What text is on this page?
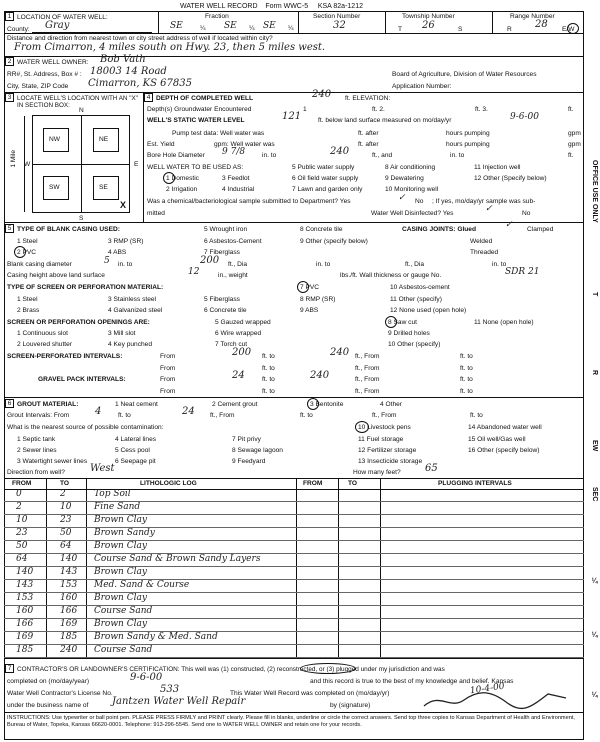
WATER WELL RECORD Form WWC-5 KSA 82a-1212
1 LOCATION OF WATER WELL:	Fraction	Section Number	Township Number	Range Number
County: Gray	SE	¼ SE ¼ SE ¼	32	T 26	S	R 28 E/W
Distance and direction from nearest town or city street address of well if located within city?
From Cimarron, 4 miles south on Hwy. 23, then 5 miles west.
2 WATER WELL OWNER: Bob Vath
RR#, St. Address, Box # : 18003 14 Road	Board of Agriculture, Division of Water Resources
City, State, ZIP Code Cimarron, KS 67835	Application Number:
3 LOCATE WELL'S LOCATION WITH AN "X" IN SECTION BOX:
N
S
W	E
NW	NE
SW	SE
X
1 Mile
4 DEPTH OF COMPLETED WELL	240 ft. ELEVATION:
Depth(s) Groundwater Encountered	1	ft. 2.	ft. 3.	ft.
WELL'S STATIC WATER LEVEL	121	ft. below land surface measured on mo/day/yr	9-6-00
Pump test data: Well water was	ft. after	hours pumping	gpm
Est. Yield	gpm: Well water was	ft. after	hours pumping	gpm
Bore Hole Diameter 9 7/8	in. to	240	ft., and	in. to	ft.
WELL WATER TO BE USED AS:	5 Public water supply	8 Air conditioning	11 Injection well
1 Domestic	3 Feedlot	6 Oil field water supply	9 Dewatering	12 Other (Specify below)
2 Irrigation	4 Industrial	7 Lawn and garden only	10 Monitoring well
Was a chemical/bacteriological sample submitted to Department? Yes	No
✓	; If yes, mo/day/yr sample was sub-
mitted	Water Well Disinfected? Yes	✓	No
5 TYPE OF BLANK CASING USED:	5 Wrought iron	8 Concrete tile	CASING JOINTS: Glued	✓ Clamped
1 Steel	3 RMP (SR)	6 Asbestos-Cement	9 Other (specify below)	Welded
2 PVC	4 ABS	7 Fiberglass	Threaded
Blank casing diameter	5 in. to	200 ft., Dia	in. to	ft., Dia	in. to
Casing height above land surface	12	in., weight	lbs./ft. Wall thickness or gauge No.	SDR 21
TYPE OF SCREEN OR PERFORATION MATERIAL:	7 PVC	10 Asbestos-cement
1 Steel	3 Stainless steel	5 Fiberglass	8 RMP (SR)	11 Other (specify)
2 Brass	4 Galvanized steel	6 Concrete tile	9 ABS	12 None used (open hole)
SCREEN OR PERFORATION OPENINGS ARE:	5 Gauzed wrapped	8 Saw cut	11 None (open hole)
1 Continuous slot	3 Mill slot	6 Wire wrapped	9 Drilled holes
2 Louvered shutter	4 Key punched	7 Torch cut	10 Other (specify)
SCREEN-PERFORATED INTERVALS:	From	200 ft. to	240 ft., From	ft. to
From	ft. to	ft., From	ft. to
GRAVEL PACK INTERVALS:	From	24	ft. to	240	ft., From	ft. to
From	ft. to	ft., From	ft. to
6 GROUT MATERIAL:	1 Neat cement	2 Cement grout	3 Bentonite	4 Other
Grout Intervals: From	4	ft. to	24 ft., From	ft. to	ft., From	ft. to
What is the nearest source of possible contamination:	10 Livestock pens	14 Abandoned water well
1 Septic tank	4 Lateral lines	7 Pit privy	11 Fuel storage	15 Oil well/Gas well
2 Sewer lines	5 Cess pool	8 Sewage lagoon	12 Fertilizer storage	16 Other (specify below)
3 Watertight sewer lines	6 Seepage pit	9 Feedyard	13 Insecticide storage
Direction from well?	West	How many feet? 65
FROM	TO	LITHOLOGIC LOG	FROM	TO	PLUGGING INTERVALS
0	2	Top Soil
2	10	Fine Sand
10	23	Brown Clay
23	50	Brown Sandy
50	64	Brown Clay
64	140 Course Sand & Brown Sandy Layers
140	143 Brown Clay
143	153 Med. Sand & Course
153	160 Brown Clay
160	166 Course Sand
166	169 Brown Clay
169	185 Brown Sandy & Med. Sand
185	240 Course Sand
7 CONTRACTOR'S OR LANDOWNER'S CERTIFICATION: This well was (1) constructed, (2) reconstructed, or (3) plugged under my jurisdiction and was
completed on (mo/day/year)	9-6-00	and this record is true to the best of my knowledge and belief. Kansas
Water Well Contractor's License No.	533	This Water Well Record was completed on (mo/day/yr)	10-4-00
under the business name of Jantzen Water Well Repair	by (signature)
INSTRUCTIONS: Use typewriter or ball point pen. PLEASE PRESS FIRMLY and PRINT clearly. Please fill in blanks, underline or circle the correct answers. Send top three copies to Kansas Department of Health and Environment, Bureau of Water, Topeka, Kansas 66620-0001. Telephone: 913-296-5545. Send one to WATER WELL OWNER and retain one for your records.
OFFICE USE ONLY
T
R
EW
SEC
¼
¼
¼
